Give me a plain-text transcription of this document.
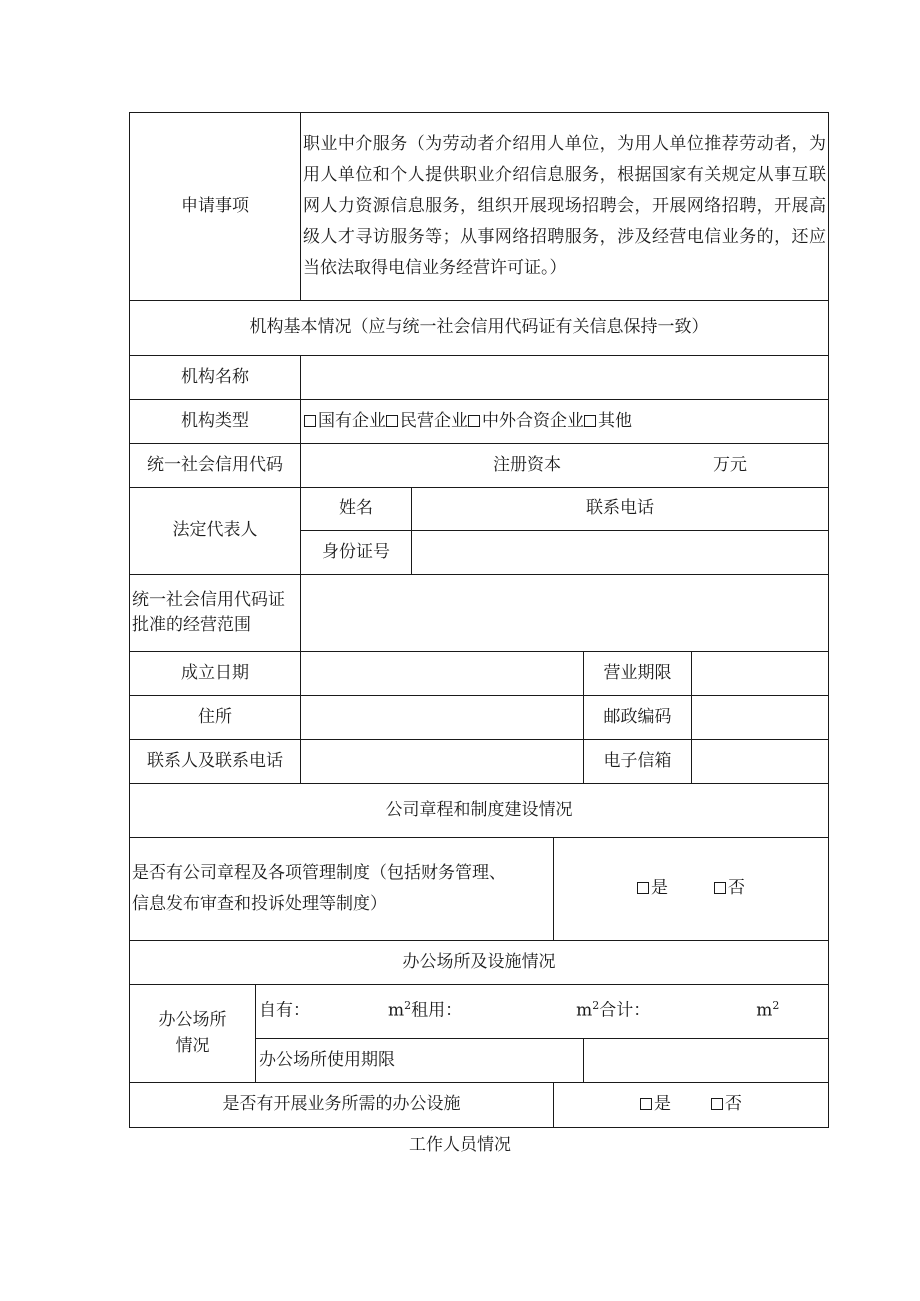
申请事项		职业中介服务（为劳动者介绍用人单位，为用人单位推荐劳动者，为用人单位和个人提供职业介绍信息服务，根据国家有关规定从事互联网人力资源信息服务，组织开展现场招聘会，开展网络招聘，开展高级人才寻访服务等；从事网络招聘服务，涉及经营电信业务的，还应当依法取得电信业务经营许可证。）				
机构基本情况（应与统一社会信用代码证有关信息保持一致）						
机构名称						
机构类型		国有企业 民营企业 中外合资企业 其他				
统一社会信用代码		注册资本 万元				
法定代表人		姓名	联系电话			
		身份证号				

统一社会信用代码证
批准的经营范围						

成立日期					营业期限	
住所					邮政编码	
联系人及联系电话					电子信箱	
公司章程和制度建设情况						

是否有公司章程及各项管理制度（包括财务管理、
信息发布审查和投诉处理等制度）				是 否		
办公场所及设施情况						

办公场所
情况	自有： $m^2$租用： $m^2$合计： $m^2$
	办公场所使用期限					
是否有开展业务所需的办公设施				是 否		
工作人员情况
